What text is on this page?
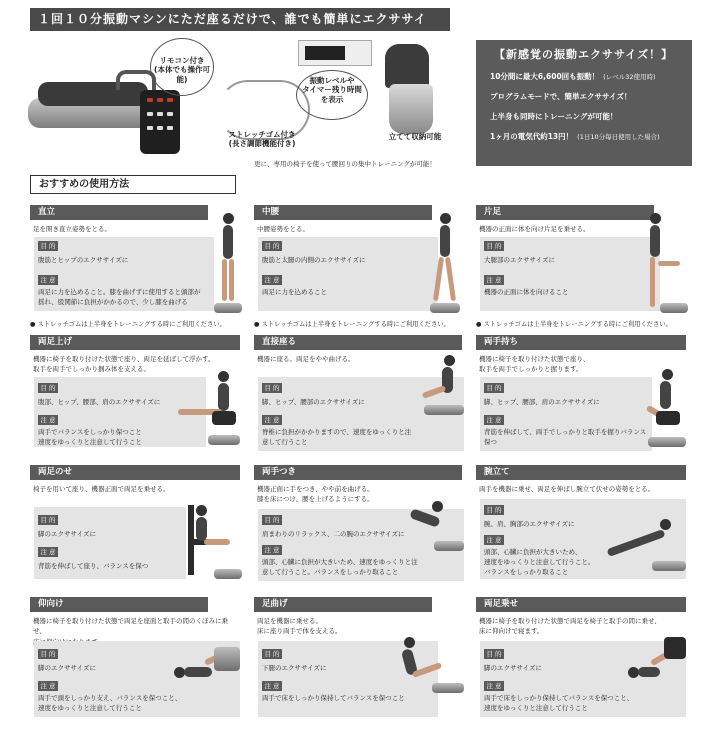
１回１０分振動マシンにただ座るだけで、誰でも簡単にエクササイズ！
リモコン付き
(本体でも操作可能)
ストレッチゴム付き
(長さ調節機能付き)
振動レベルや
タイマー残り時間
を表示
立てて収納可能
更に、専用の椅子を使って腰回りの集中トレーニングが可能！
【新感覚の振動エクササイズ！】
10分間に最大6,600回も振動！ (レベル32使用時)
プログラムモードで、簡単エクササイズ！
上半身も同時にトレーニングが可能！
1ヶ月の電気代約13円！ (1日10分毎日使用した場合)
おすすめの使用方法
直立
足を開き直立姿勢をとる。
目 的
腹筋とヒップのエクササイズに
注 意
両足に力を込めること。膝を曲げずに使用すると頭部が
揺れ、股関節に負担がかかるので、少し膝を曲げる
中腰
中腰姿勢をとる。
目 的
腹筋と太腿の内側のエクササイズに
注 意
両足に力を込めること
片足
機器の正面に体を向け片足を乗せる。
目 的
大腿部のエクササイズに
注 意
機器の正面に体を向けること
● ストレッチゴムは上半身をトレーニングする時にご利用ください。	● ストレッチゴムは上半身をトレーニングする時にご利用ください。	● ストレッチゴムは上半身をトレーニングする時にご利用ください。
両足上げ
機器に椅子を取り付けた状態で座り、両足を延ばして浮かす。
取手を両手でしっかり掴み体を支える。
目 的
腹部、ヒップ、腰部、肩のエクササイズに
注 意
両手でバランスをしっかり保つこと
速度をゆっくりと注意して行うこと
直接座る
機器に座る。両足をやや曲げる。
目 的
脚、ヒップ、腰部のエクササイズに
注 意
脊椎に負担がかかりますので、速度をゆっくりと注
意して行うこと
両手持ち
機器に椅子を取り付けた状態で座り、
取手を両手でしっかりと握ります。
目 的
脚、ヒップ、腰部、肩のエクササイズに
注 意
背筋を伸ばして、両手でしっかりと取手を握りバランス
保つ
両足のせ
椅子を用いて座り、機器正面で両足を乗せる。
目 的
脚のエクササイズに
注 意
背筋を伸ばして座り、バランスを保つ
両手つき
機器正面に手をつき、やや前を曲げる。
膝を床につけ、腰を上げるようにする。
目 的
肩まわりのリラックス、二の腕のエクササイズに
注 意
頭部、心臓に負担が大きいため、速度をゆっくりと注
意して行うこと。バランスをしっかり取ること
腕立て
両手を機器に乗せ、両足を伸ばし腕立て伏せの姿勢をとる。
目 的
腕、肩、胸部のエクササイズに
注 意
頭部、心臓に負担が大きいため、
速度をゆっくりと注意して行うこと。
バランスをしっかり取ること
仰向け
機器に椅子を取り付けた状態で両足を座面と取手の間のくぼみに乗せ、

目 的
脚のエクササイズに
注 意
両手で頭をしっかり支え、バランスを保つこと、
速度をゆっくりと注意して行うこと
足曲げ
両足を機器に乗せる。
床に座り両手で体を支える。
目 的
下腿のエクササイズに
注 意
両手で床をしっかり保持してバランスを保つこと
両足乗せ
機器に椅子を取り付けた状態で両足を椅子と取手の間に乗せ、
床に仰向けで寝ます。
目 的
脚のエクササイズに
注 意
両手で床をしっかり保持してバランスを保つこと、
速度をゆっくりと注意して行うこと
